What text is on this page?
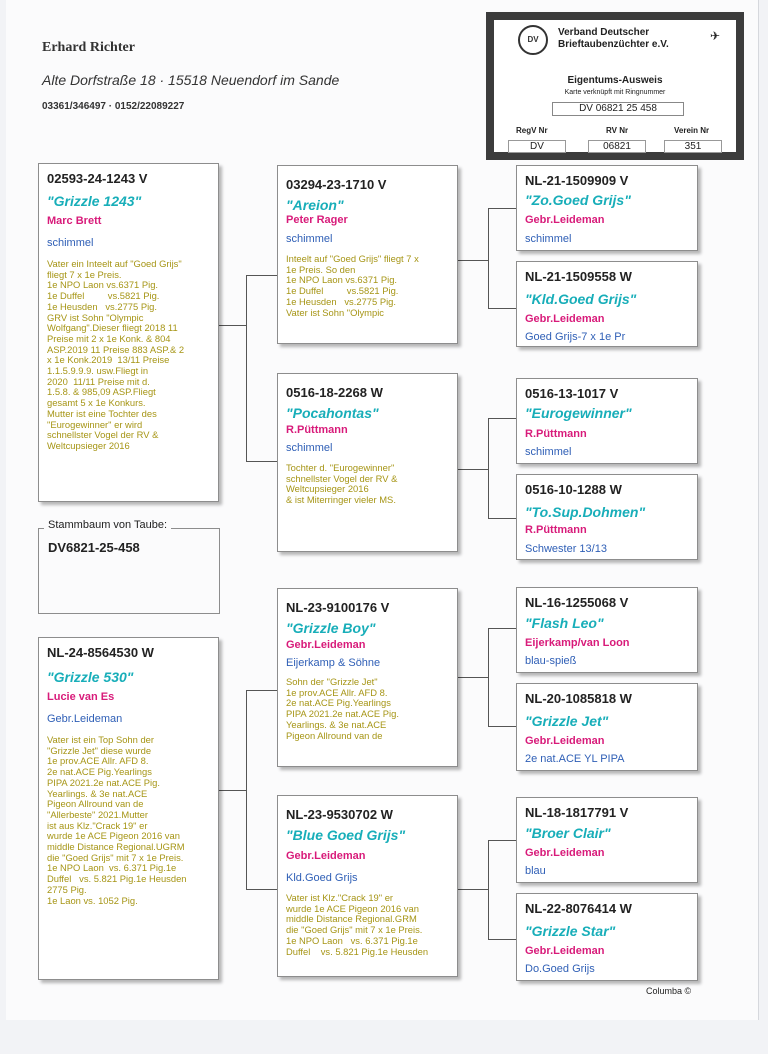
Erhard Richter
Alte Dorfstraße 18 · 15518 Neuendorf im Sande
03361/346497 · 0152/22089227
DV
Verband Deutscher
Brieftaubenzüchter e.V.
✈
Eigentums-Ausweis
Karte verknüpft mit Ringnummer
DV 06821 25 458
RegV Nr	RV Nr	Verein Nr
DV	06821	351
02593-24-1243 V
"Grizzle 1243"
Marc Brett
schimmel
Vater ein Inteelt auf "Goed Grijs"
fliegt 7 x 1e Preis.
1e NPO Laon vs.6371 Pig.
1e Duffel         vs.5821 Pig.
1e Heusden   vs.2775 Pig.
GRV ist Sohn "Olympic
Wolfgang".Dieser fliegt 2018 11
Preise mit 2 x 1e Konk. & 804
ASP.2019 11 Preise 883 ASP.& 2
x 1e Konk.2019  13/11 Preise
1.1.5.9.9.9. usw.Fliegt in
2020  11/11 Preise mit d.
1.5.8. & 985,09 ASP.Fliegt
gesamt 5 x 1e Konkurs.
Mutter ist eine Tochter des
"Eurogewinner" er wird
schnellster Vogel der RV &
Weltcupsieger 2016
NL-24-8564530 W
"Grizzle 530"
Lucie van Es
Gebr.Leideman
Vater ist ein Top Sohn der
"Grizzle Jet" diese wurde
1e prov.ACE Allr. AFD 8.
2e nat.ACE Pig.Yearlings
PIPA 2021.2e nat.ACE Pig.
Yearlings. & 3e nat.ACE
Pigeon Allround van de
"Allerbeste" 2021.Mutter
ist aus Klz."Crack 19" er
wurde 1e ACE Pigeon 2016 van
middle Distance Regional.UGRM
die "Goed Grijs" mit 7 x 1e Preis.
1e NPO Laon  vs. 6.371 Pig.1e
Duffel   vs. 5.821 Pig.1e Heusden
2775 Pig.
1e Laon vs. 1052 Pig.
Stammbaum von Taube:
DV6821-25-458
03294-23-1710 V
"Areion"
Peter Rager
schimmel
Inteelt auf "Goed Grijs" fliegt 7 x
1e Preis. So den
1e NPO Laon vs.6371 Pig.
1e Duffel         vs.5821 Pig.
1e Heusden   vs.2775 Pig.
Vater ist Sohn "Olympic
0516-18-2268 W
"Pocahontas"
R.Püttmann
schimmel
Tochter d. "Eurogewinner"
schnellster Vogel der RV &
Weltcupsieger 2016
& ist Miterringer vieler MS.
NL-23-9100176 V
"Grizzle Boy"
Gebr.Leideman
Eijerkamp & Söhne
Sohn der "Grizzle Jet"
1e prov.ACE Allr. AFD 8.
2e nat.ACE Pig.Yearlings
PIPA 2021.2e nat.ACE Pig.
Yearlings. & 3e nat.ACE
Pigeon Allround van de
NL-23-9530702 W
"Blue Goed Grijs"
Gebr.Leideman
Kld.Goed Grijs
Vater ist Klz."Crack 19" er
wurde 1e ACE Pigeon 2016 van
middle Distance Regional.GRM
die "Goed Grijs" mit 7 x 1e Preis.
1e NPO Laon   vs. 6.371 Pig.1e
Duffel    vs. 5.821 Pig.1e Heusden
NL-21-1509909 V
"Zo.Goed Grijs"
Gebr.Leideman
schimmel
NL-21-1509558 W
"Kld.Goed Grijs"
Gebr.Leideman
Goed Grijs-7 x 1e Pr
0516-13-1017 V
"Eurogewinner"
R.Püttmann
schimmel
0516-10-1288 W
"To.Sup.Dohmen"
R.Püttmann
Schwester 13/13
NL-16-1255068 V
"Flash Leo"
Eijerkamp/van Loon
blau-spieß
NL-20-1085818 W
"Grizzle Jet"
Gebr.Leideman
2e nat.ACE YL PIPA
NL-18-1817791 V
"Broer Clair"
Gebr.Leideman
blau
NL-22-8076414 W
"Grizzle Star"
Gebr.Leideman
Do.Goed Grijs
Columba ©
